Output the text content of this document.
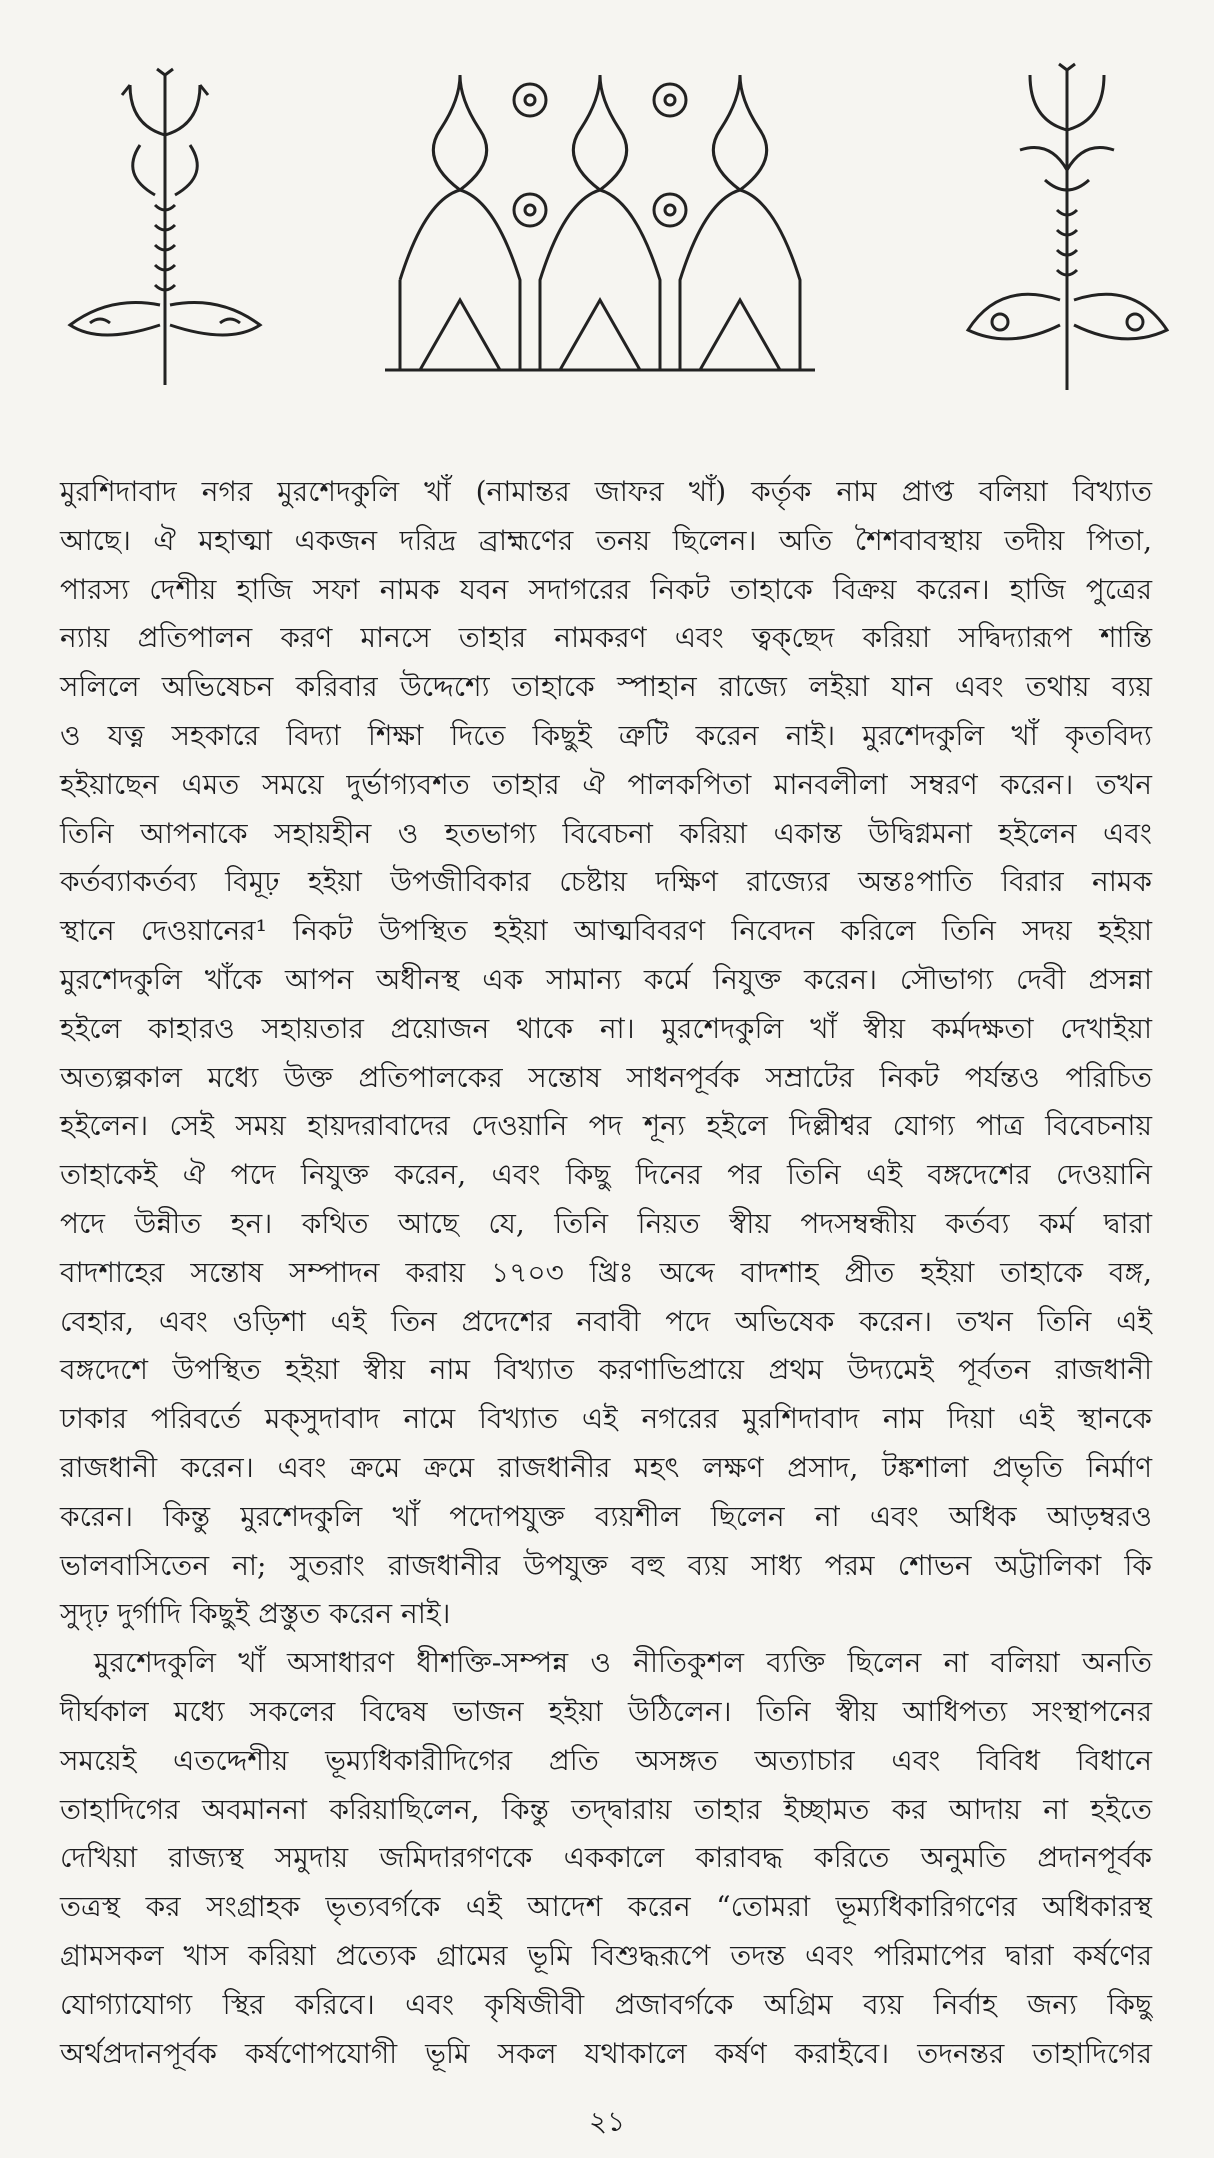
মুরশিদাবাদ নগর মুরশেদকুলি খাঁ (নামান্তর জাফর খাঁ) কর্তৃক নাম প্রাপ্ত বলিয়া বিখ্যাত
আছে। ঐ মহাত্মা একজন দরিদ্র ব্রাহ্মণের তনয় ছিলেন। অতি শৈশবাবস্থায় তদীয় পিতা,
পারস্য দেশীয় হাজি সফা নামক যবন সদাগরের নিকট তাহাকে বিক্রয় করেন। হাজি পুত্রের
ন্যায় প্রতিপালন করণ মানসে তাহার নামকরণ এবং ত্বক্‌ছেদ করিয়া সদ্বিদ্যারূপ শান্তি
সলিলে অভিষেচন করিবার উদ্দেশ্যে তাহাকে স্পাহান রাজ্যে লইয়া যান এবং তথায় ব্যয়
ও যত্ন সহকারে বিদ্যা শিক্ষা দিতে কিছুই ত্রুটি করেন নাই। মুরশেদকুলি খাঁ কৃতবিদ্য
হইয়াছেন এমত সময়ে দুর্ভাগ্যবশত তাহার ঐ পালকপিতা মানবলীলা সম্বরণ করেন। তখন
তিনি আপনাকে সহায়হীন ও হতভাগ্য বিবেচনা করিয়া একান্ত উদ্বিগ্নমনা হইলেন এবং
কর্তব্যাকর্তব্য বিমূঢ় হইয়া উপজীবিকার চেষ্টায় দক্ষিণ রাজ্যের অন্তঃপাতি বিরার নামক
স্থানে দেওয়ানের¹ নিকট উপস্থিত হইয়া আত্মবিবরণ নিবেদন করিলে তিনি সদয় হইয়া
মুরশেদকুলি খাঁকে আপন অধীনস্থ এক সামান্য কর্মে নিযুক্ত করেন। সৌভাগ্য দেবী প্রসন্না
হইলে কাহারও সহায়তার প্রয়োজন থাকে না। মুরশেদকুলি খাঁ স্বীয় কর্মদক্ষতা দেখাইয়া
অত্যল্পকাল মধ্যে উক্ত প্রতিপালকের সন্তোষ সাধনপূর্বক সম্রাটের নিকট পর্যন্তও পরিচিত
হইলেন। সেই সময় হায়দরাবাদের দেওয়ানি পদ শূন্য হইলে দিল্লীশ্বর যোগ্য পাত্র বিবেচনায়
তাহাকেই ঐ পদে নিযুক্ত করেন, এবং কিছু দিনের পর তিনি এই বঙ্গদেশের দেওয়ানি
পদে উন্নীত হন। কথিত আছে যে, তিনি নিয়ত স্বীয় পদসম্বন্ধীয় কর্তব্য কর্ম দ্বারা
বাদশাহের সন্তোষ সম্পাদন করায় ১৭০৩ খ্রিঃ অব্দে বাদশাহ প্রীত হইয়া তাহাকে বঙ্গ,
বেহার, এবং ওড়িশা এই তিন প্রদেশের নবাবী পদে অভিষেক করেন। তখন তিনি এই
বঙ্গদেশে উপস্থিত হইয়া স্বীয় নাম বিখ্যাত করণাভিপ্রায়ে প্রথম উদ্যমেই পূর্বতন রাজধানী
ঢাকার পরিবর্তে মক্‌সুদাবাদ নামে বিখ্যাত এই নগরের মুরশিদাবাদ নাম দিয়া এই স্থানকে
রাজধানী করেন। এবং ক্রমে ক্রমে রাজধানীর মহৎ লক্ষণ প্রসাদ, টঙ্কশালা প্রভৃতি নির্মাণ
করেন। কিন্তু মুরশেদকুলি খাঁ পদোপযুক্ত ব্যয়শীল ছিলেন না এবং অধিক আড়ম্বরও
ভালবাসিতেন না; সুতরাং রাজধানীর উপযুক্ত বহু ব্যয় সাধ্য পরম শোভন অট্টালিকা কি
সুদৃঢ় দুর্গাদি কিছুই প্রস্তুত করেন নাই।
মুরশেদকুলি খাঁ অসাধারণ ধীশক্তি-সম্পন্ন ও নীতিকুশল ব্যক্তি ছিলেন না বলিয়া অনতি
দীর্ঘকাল মধ্যে সকলের বিদ্বেষ ভাজন হইয়া উঠিলেন। তিনি স্বীয় আধিপত্য সংস্থাপনের
সময়েই এতদ্দেশীয় ভূম্যধিকারীদিগের প্রতি অসঙ্গত অত্যাচার এবং বিবিধ বিধানে
তাহাদিগের অবমাননা করিয়াছিলেন, কিন্তু তদ্দ্বারায় তাহার ইচ্ছামত কর আদায় না হইতে
দেখিয়া রাজ্যস্থ সমুদায় জমিদারগণকে এককালে কারাবদ্ধ করিতে অনুমতি প্রদানপূর্বক
তত্রস্থ কর সংগ্রাহক ভৃত্যবর্গকে এই আদেশ করেন “তোমরা ভূম্যধিকারিগণের অধিকারস্থ
গ্রামসকল খাস করিয়া প্রত্যেক গ্রামের ভূমি বিশুদ্ধরূপে তদন্ত এবং পরিমাপের দ্বারা কর্ষণের
যোগ্যাযোগ্য স্থির করিবে। এবং কৃষিজীবী প্রজাবর্গকে অগ্রিম ব্যয় নির্বাহ জন্য কিছু
অর্থপ্রদানপূর্বক কর্ষণোপযোগী ভূমি সকল যথাকালে কর্ষণ করাইবে। তদনন্তর তাহাদিগের
২১
